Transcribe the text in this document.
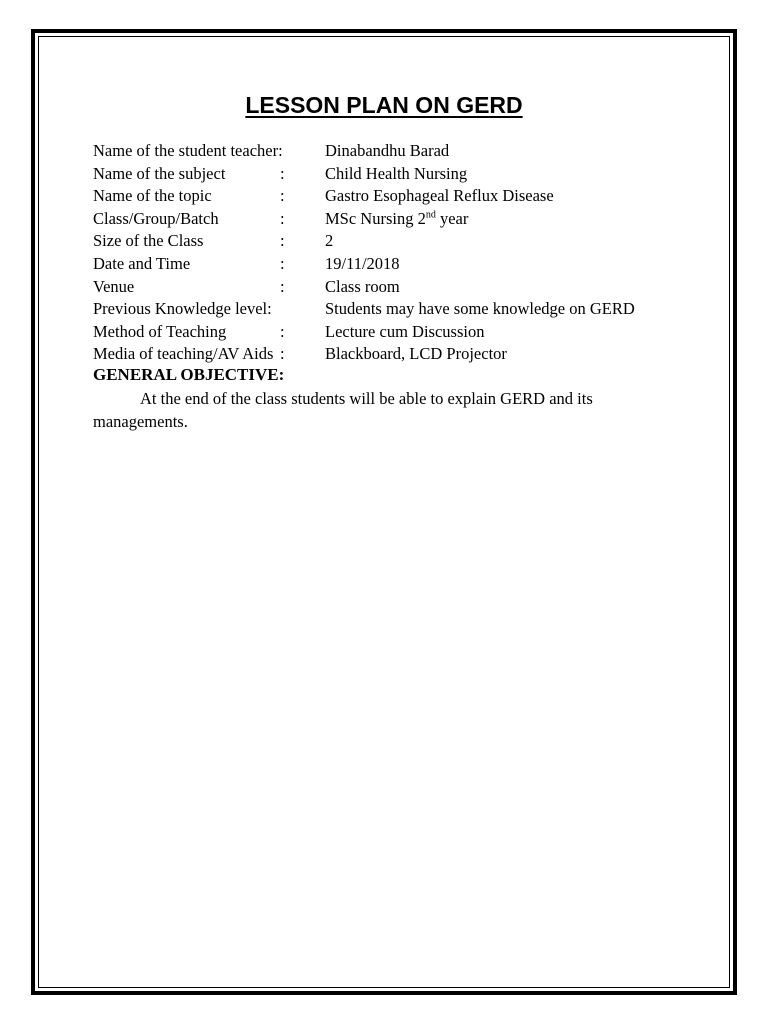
LESSON PLAN ON GERD
Name of the student teacher:	Dinabandhu Barad
Name of the subject	: Child Health Nursing
Name of the topic	: Gastro Esophageal Reflux Disease
Class/Group/Batch	: MSc Nursing 2nd year
Size of the Class	: 2
Date and Time	: 19/11/2018
Venue	: Class room
Previous Knowledge level:	Students may have some knowledge on GERD
Method of Teaching	: Lecture cum Discussion
Media of teaching/AV Aids : Blackboard, LCD Projector
GENERAL OBJECTIVE:
At the end of the class students will be able to explain GERD and its managements.
